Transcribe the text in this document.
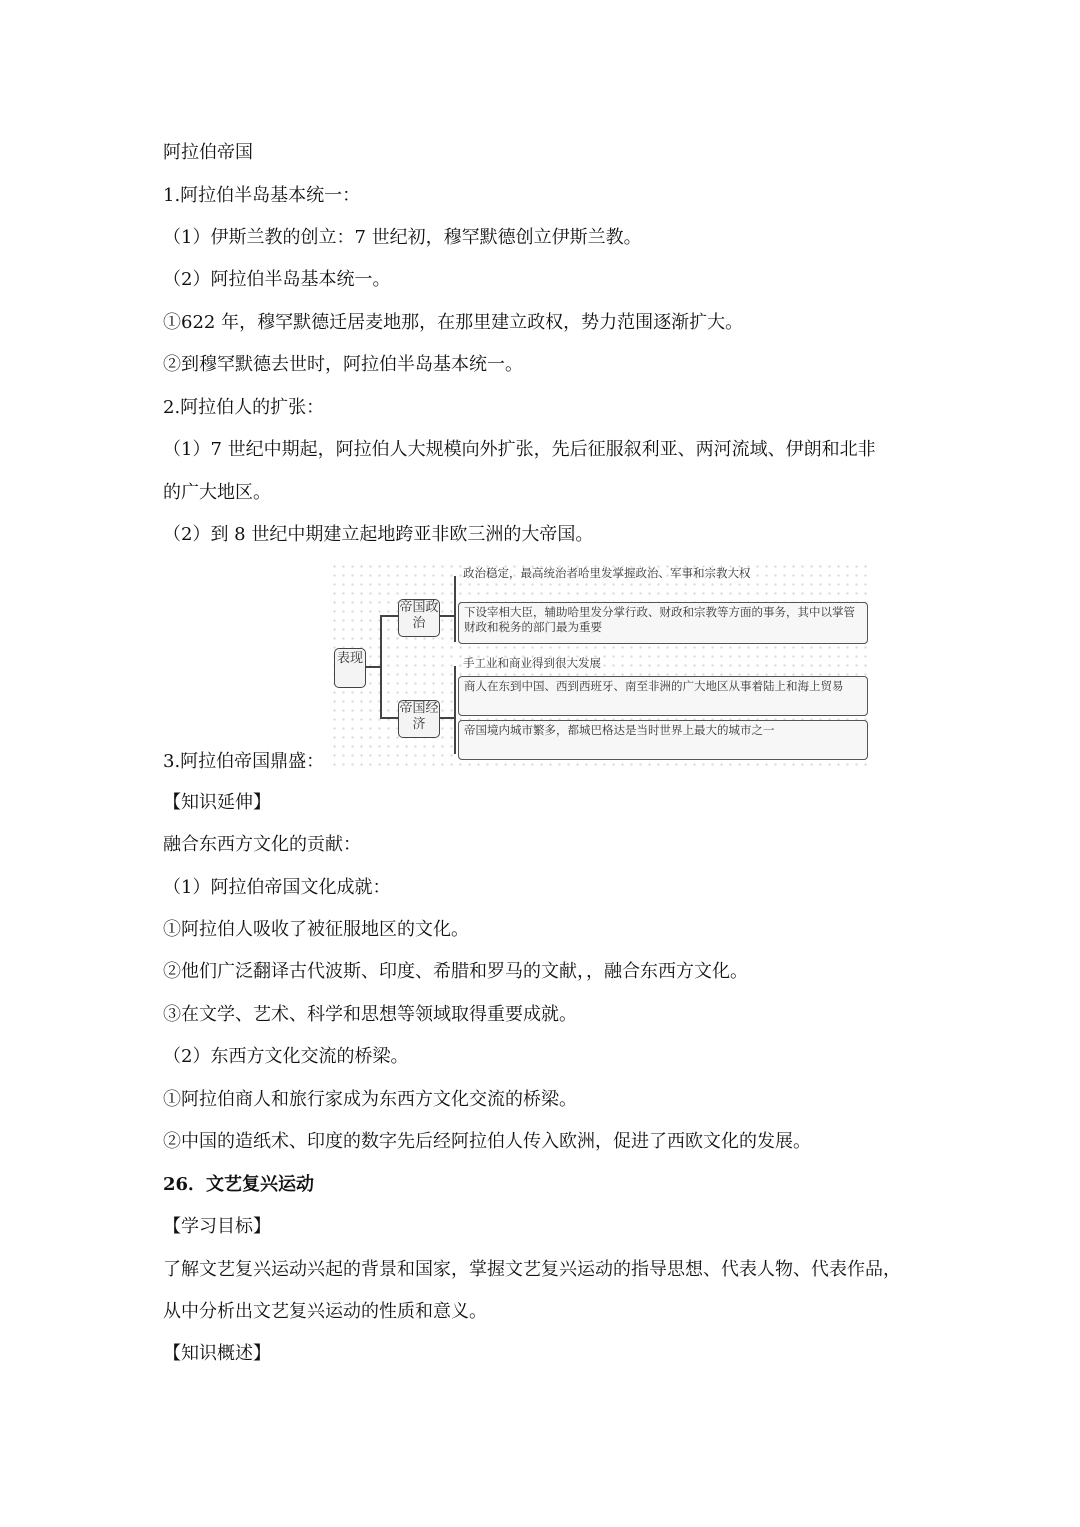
阿拉伯帝国
1.阿拉伯半岛基本统一：
（1）伊斯兰教的创立：7 世纪初，穆罕默德创立伊斯兰教。
（2）阿拉伯半岛基本统一。
①622 年，穆罕默德迁居麦地那，在那里建立政权，势力范围逐渐扩大。
②到穆罕默德去世时，阿拉伯半岛基本统一。
2.阿拉伯人的扩张：
（1）7 世纪中期起，阿拉伯人大规模向外扩张，先后征服叙利亚、两河流域、伊朗和北非
的广大地区。
（2）到 8 世纪中期建立起地跨亚非欧三洲的大帝国。
表现
帝国政治
政治稳定，最高统治者哈里发掌握政治、军事和宗教大权
下设宰相大臣，辅助哈里发分掌行政、财政和宗教等方面的事务，其中以掌管财政和税务的部门最为重要
帝国经济
手工业和商业得到很大发展
商人在东到中国、西到西班牙、南至非洲的广大地区从事着陆上和海上贸易
帝国境内城市繁多，都城巴格达是当时世界上最大的城市之一
3.阿拉伯帝国鼎盛：
【知识延伸】
融合东西方文化的贡献：
（1）阿拉伯帝国文化成就：
①阿拉伯人吸收了被征服地区的文化。
②他们广泛翻译古代波斯、印度、希腊和罗马的文献，，融合东西方文化。
③在文学、艺术、科学和思想等领域取得重要成就。
（2）东西方文化交流的桥梁。
①阿拉伯商人和旅行家成为东西方文化交流的桥梁。
②中国的造纸术、印度的数字先后经阿拉伯人传入欧洲，促进了西欧文化的发展。
26．文艺复兴运动
【学习目标】
了解文艺复兴运动兴起的背景和国家，掌握文艺复兴运动的指导思想、代表人物、代表作品，
从中分析出文艺复兴运动的性质和意义。
【知识概述】
